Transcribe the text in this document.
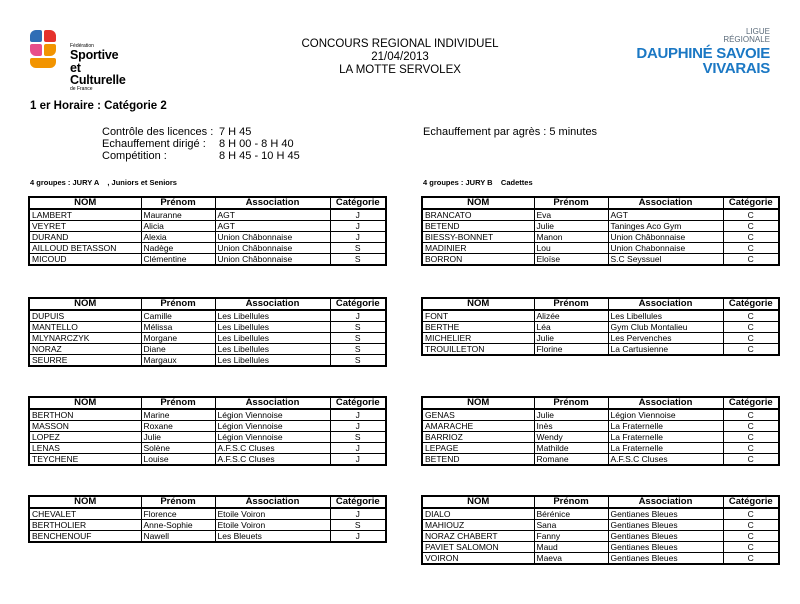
Fédération
Sportive
et Culturelle
de France
CONCOURS REGIONAL INDIVIDUEL
21/04/2013
LA MOTTE SERVOLEX
LIGUE
RÉGIONALE
DAUPHINÉ SAVOIE
VIVARAIS
1 er Horaire : Catégorie 2
Contrôle des licences : 7 H 45
Echauffement dirigé : 8 H 00 - 8 H 40
Compétition :	8 H 45 - 10 H 45
Echauffement par agrès : 5 minutes
4 groupes : JURY A    , Juniors et Seniors	4 groupes : JURY B    Cadettes
NOM	Prénom	Association	Catégorie
LAMBERT	Mauranne	AGT	J
VEYRET	Alicia	AGT	J
DURAND	Alexia	Union Châbonnaise	J
AILLOUD BETASSON	Nadège	Union Châbonnaise	S
MICOUD	Clémentine	Union Châbonnaise	S
NOM	Prénom	Association	Catégorie
DUPUIS	Camille	Les Libellules	J
MANTELLO	Mélissa	Les Libellules	S
MLYNARCZYK	Morgane	Les Libellules	S
NORAZ	Diane	Les Libellules	S
SEURRE	Margaux	Les Libellules	S
NOM	Prénom	Association	Catégorie
BERTHON	Marine	Légion Viennoise	J
MASSON	Roxane	Légion Viennoise	J
LOPEZ	Julie	Légion Viennoise	S
LENAS	Solène	A.F.S.C Cluses	J
TEYCHENE	Louise	A.F.S.C Cluses	J
NOM	Prénom	Association	Catégorie
CHEVALET	Florence	Etoile Voiron	J
BERTHOLIER	Anne-Sophie	Etoile Voiron	S
BENCHENOUF	Nawell	Les Bleuets	J
NOM	Prénom	Association	Catégorie
BRANCATO	Eva	AGT	C
BETEND	Julie	Taninges Aco Gym	C
BIESSY-BONNET	Manon	Union Châbonnaise	C
MADINIER	Lou	Union Chabonnaise	C
BORRON	Eloïse	S.C Seyssuel	C
NOM	Prénom	Association	Catégorie
FONT	Alizée	Les Libellules	C
BERTHE	Léa	Gym Club Montalieu	C
MICHELIER	Julie	Les Pervenches	C
TROUILLETON	Florine	La Cartusienne	C
NOM	Prénom	Association	Catégorie
GENAS	Julie	Légion Viennoise	C
AMARACHE	Inès	La Fraternelle	C
BARRIOZ	Wendy	La Fraternelle	C
LEPAGE	Mathilde	La Fraternelle	C
BETEND	Romane	A.F.S.C Cluses	C
NOM	Prénom	Association	Catégorie
DIALO	Bérénice	Gentianes Bleues	C
MAHIOUZ	Sana	Gentianes Bleues	C
NORAZ CHABERT	Fanny	Gentianes Bleues	C
PAVIET SALOMON	Maud	Gentianes Bleues	C
VOIRON	Maeva	Gentianes Bleues	C
